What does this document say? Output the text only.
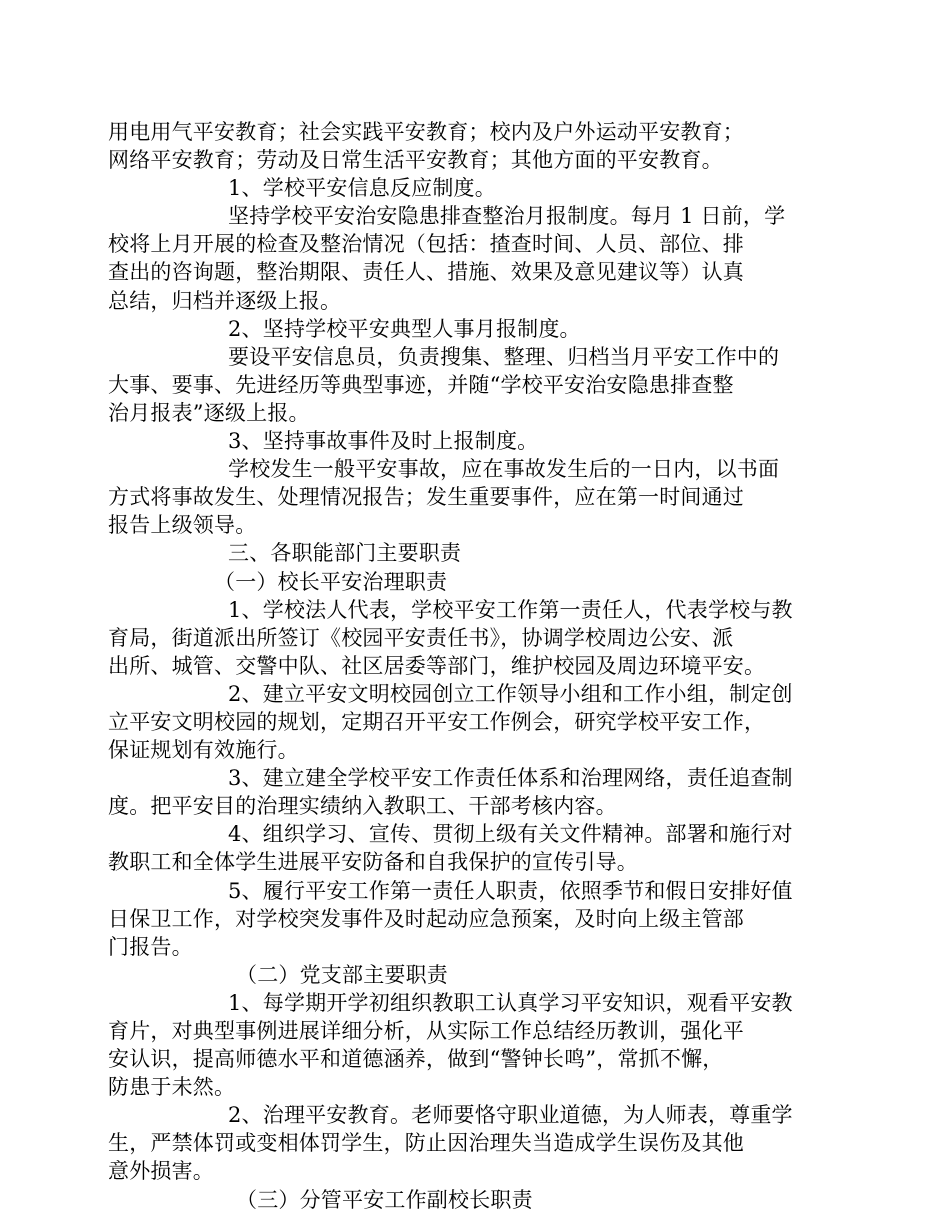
用电用气平安教育；社会实践平安教育；校内及户外运动平安教育；
网络平安教育；劳动及日常生活平安教育；其他方面的平安教育。
1、学校平安信息反应制度。
坚持学校平安治安隐患排查整治月报制度。每月 1 日前，学
校将上月开展的检查及整治情况（包括：揸查时间、人员、部位、排
查出的咨询题，整治期限、责任人、措施、效果及意见建议等）认真
总结，归档并逐级上报。
2、坚持学校平安典型人事月报制度。
要设平安信息员，负责搜集、整理、归档当月平安工作中的
大事、要事、先进经历等典型事迹，并随“学校平安治安隐患排查整
治月报表”逐级上报。
3、坚持事故事件及时上报制度。
学校发生一般平安事故，应在事故发生后的一日内，以书面
方式将事故发生、处理情况报告；发生重要事件，应在第一时间通过
报告上级领导。
三、各职能部门主要职责
（一）校长平安治理职责
1、学校法人代表，学校平安工作第一责任人，代表学校与教
育局，街道派出所签订《校园平安责任书》，协调学校周边公安、派
出所、城管、交警中队、社区居委等部门，维护校园及周边环境平安。
2、建立平安文明校园创立工作领导小组和工作小组，制定创
立平安文明校园的规划，定期召开平安工作例会，研究学校平安工作，
保证规划有效施行。
3、建立建全学校平安工作责任体系和治理网络，责任追查制
度。把平安目的治理实绩纳入教职工、干部考核内容。
4、组织学习、宣传、贯彻上级有关文件精神。部署和施行对
教职工和全体学生进展平安防备和自我保护的宣传引导。
5、履行平安工作第一责任人职责，依照季节和假日安排好值
日保卫工作，对学校突发事件及时起动应急预案，及时向上级主管部
门报告。
（二）党支部主要职责
1、每学期开学初组织教职工认真学习平安知识，观看平安教
育片，对典型事例进展详细分析，从实际工作总结经历教训，强化平
安认识，提高师德水平和道德涵养，做到“警钟长鸣”，常抓不懈，
防患于未然。
2、治理平安教育。老师要恪守职业道德，为人师表，尊重学
生，严禁体罚或变相体罚学生，防止因治理失当造成学生误伤及其他
意外损害。
（三）分管平安工作副校长职责
